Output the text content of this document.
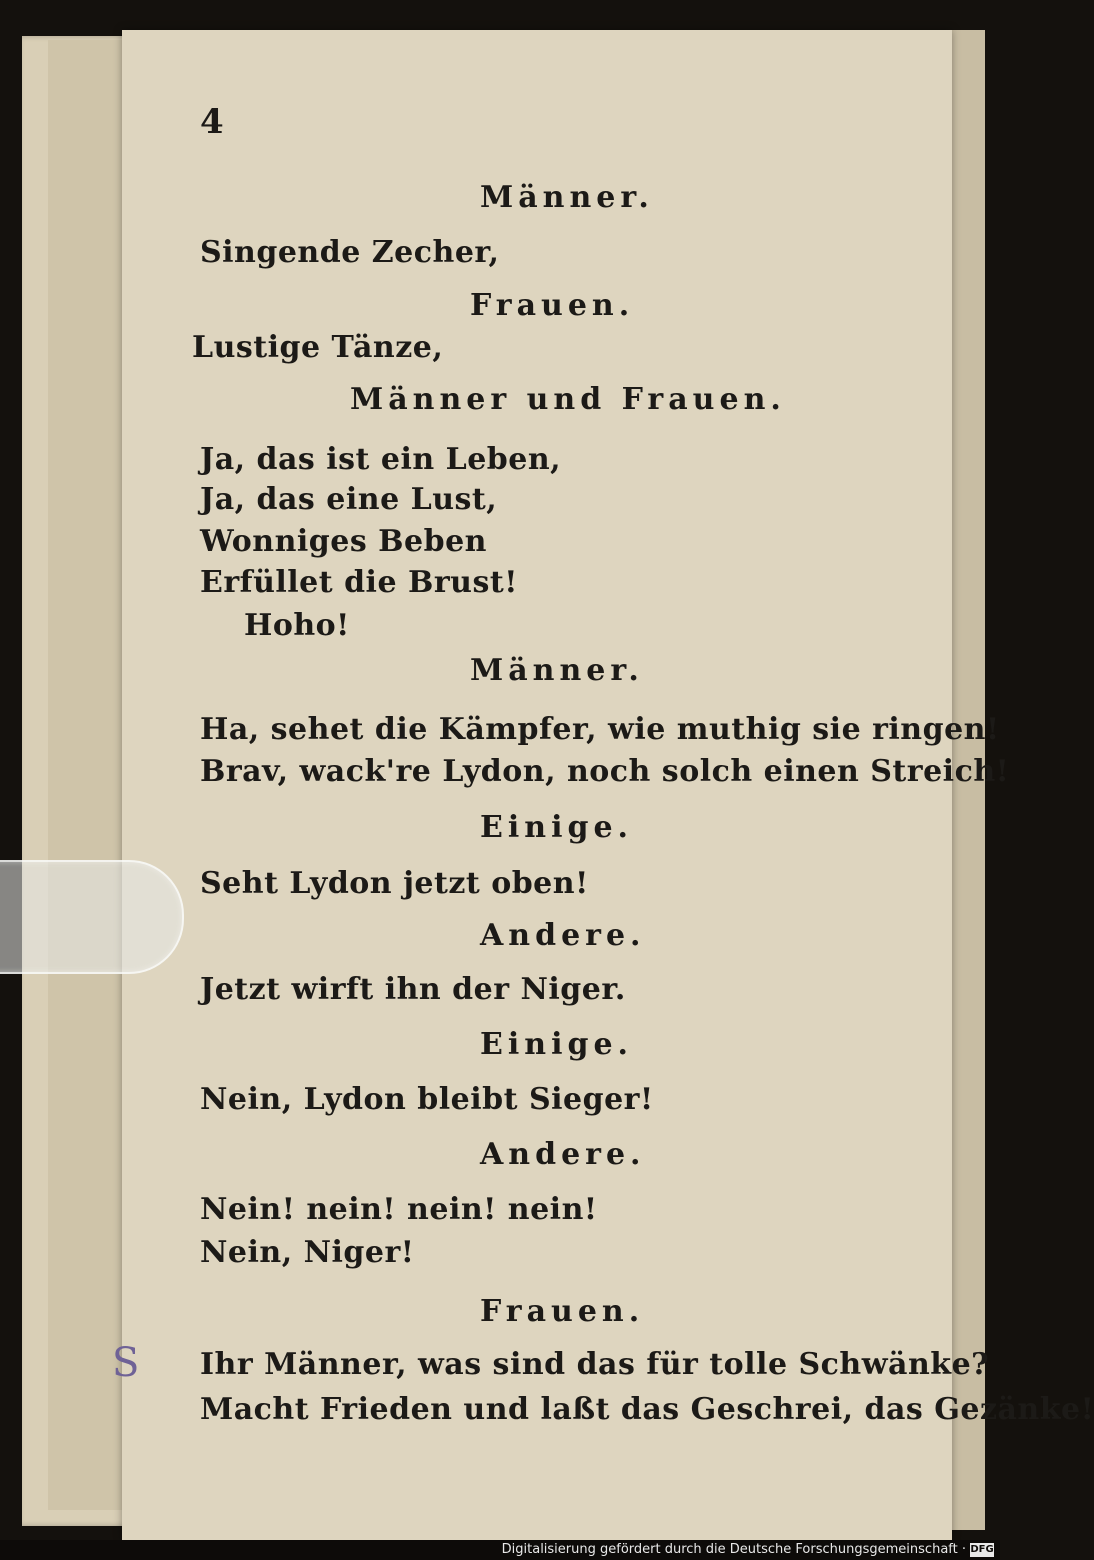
4
Männer.
Singende Zecher,
Frauen.
Lustige Tänze,
Männer und Frauen.
Ja, das ist ein Leben,
Ja, das eine Lust,
Wonniges Beben
Erfüllet die Brust!
Hoho!
Männer.
Ha, sehet die Kämpfer, wie muthig sie ringen!
Brav, wack're Lydon, noch solch einen Streich!
Einige.
Seht Lydon jetzt oben!
Andere.
Jetzt wirft ihn der Niger.
Einige.
Nein, Lydon bleibt Sieger!
Andere.
Nein! nein! nein! nein!
Nein, Niger!
Frauen.
Ihr Männer, was sind das für tolle Schwänke?
Macht Frieden und laßt das Geschrei, das Gezänke!
S
Digitalisierung gefördert durch die Deutsche Forschungsgemeinschaft · DFG
